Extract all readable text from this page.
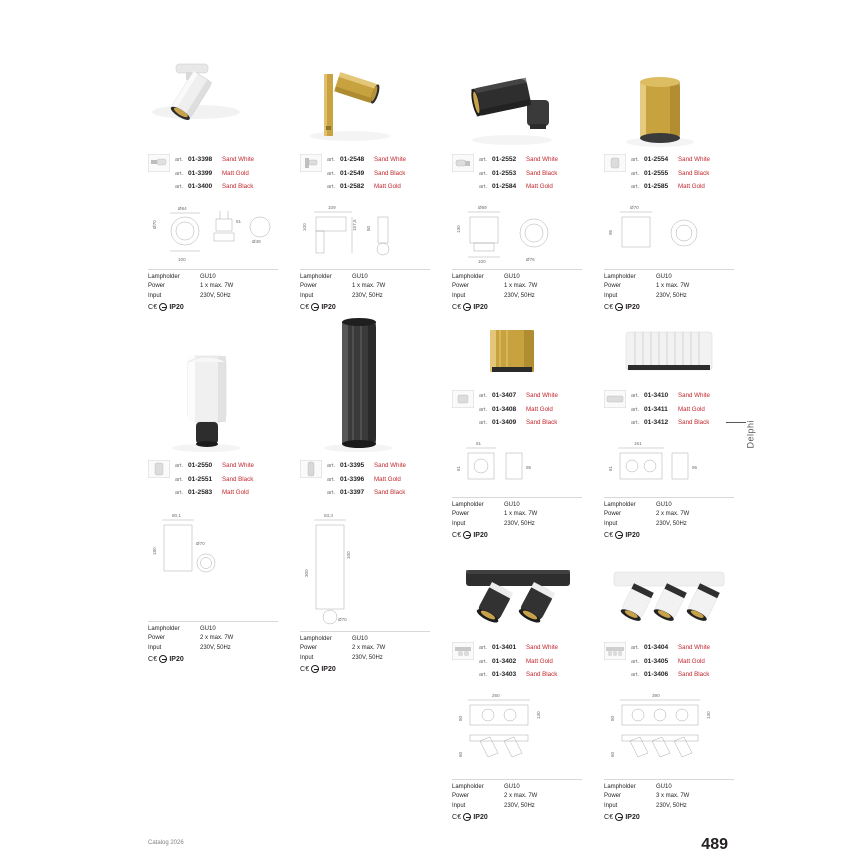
art. 01-3398	Sand White
art. 01-3399	Matt Gold
art. 01-3400	Sand Black
Ø64
Ø70
100
61
Ø49
Lampholder	GU10
Power	1 x max. 7W
Input	230V, 50Hz
C€ IP20
art. 01-2548	Sand White
art. 01-2549	Sand Black
art. 01-2582	Matt Gold
109
100	157,5 80
Lampholder	GU10
Power	1 x max. 7W
Input	230V, 50Hz
C€ IP20
art. 01-2552	Sand White
art. 01-2553	Sand Black
art. 01-2584	Matt Gold
Ø69
130
100	Ø76
Lampholder	GU10
Power	1 x max. 7W
Input	230V, 50Hz
C€ IP20
art. 01-2554	Sand White
art. 01-2555	Sand Black
art. 01-2585	Matt Gold
Ø70
95
Lampholder	GU10
Power	1 x max. 7W
Input	230V, 50Hz
C€ IP20
art. 01-2550	Sand White
art. 01-2551	Sand Black
art. 01-2583	Matt Gold
80,1
180
Ø70
Lampholder	GU10
Power	2 x max. 7W
Input	230V, 50Hz
C€ IP20
art. 01-3395	Sand White
art. 01-3396	Matt Gold
art. 01-3397	Sand Black
83,3
300
100
Ø70
Lampholder	GU10
Power	2 x max. 7W
Input	230V, 50Hz
C€ IP20
art. 01-3407	Sand White
art. 01-3408	Matt Gold
art. 01-3409	Sand Black
81
81	95
Lampholder	GU10
Power	1 x max. 7W
Input	230V, 50Hz
C€ IP20
art. 01-3410	Sand White
art. 01-3411	Matt Gold
art. 01-3412	Sand Black
161
81	95
Lampholder	GU10
Power	2 x max. 7W
Input	230V, 50Hz
C€ IP20
art. 01-3401	Sand White
art. 01-3402	Matt Gold
art. 01-3403	Sand Black
260
80	130
60
Lampholder	GU10
Power	2 x max. 7W
Input	230V, 50Hz
C€ IP20
art. 01-3404	Sand White
art. 01-3405	Matt Gold
art. 01-3406	Sand Black
390
80	130
60
Lampholder	GU10
Power	3 x max. 7W
Input	230V, 50Hz
C€ IP20
Delphi
Catalog 2026	489
